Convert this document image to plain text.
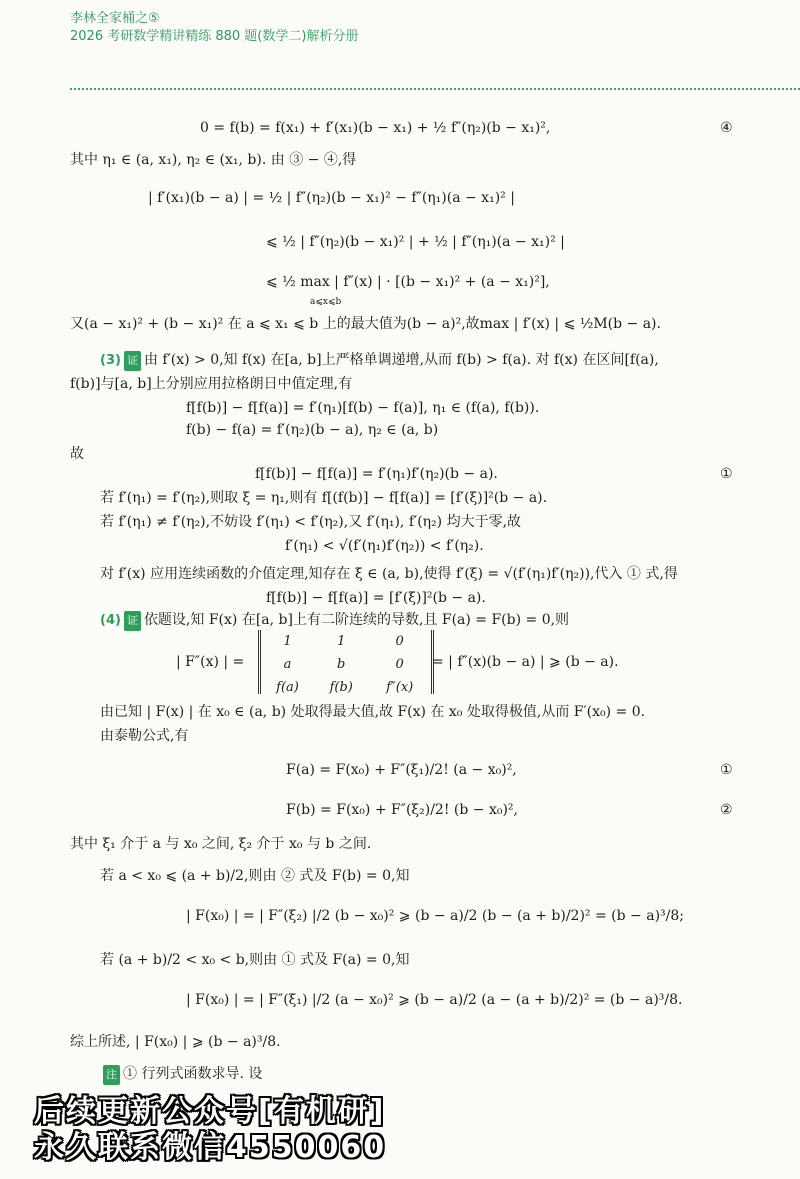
李林全家桶之⑤
2026 考研数学精讲精练 880 题(数学二)解析分册
0 = f(b) = f(x₁) + f′(x₁)(b − x₁) + ½ f″(η₂)(b − x₁)²,	④
其中 η₁ ∈ (a, x₁), η₂ ∈ (x₁, b). 由 ③ − ④,得
| f′(x₁)(b − a) | = ½ | f″(η₂)(b − x₁)² − f″(η₁)(a − x₁)² |
⩽ ½ | f″(η₂)(b − x₁)² | + ½ | f″(η₁)(a − x₁)² |
⩽ ½ max | f″(x) | · [(b − x₁)² + (a − x₁)²],
a⩽x⩽b
又(a − x₁)² + (b − x₁)² 在 a ⩽ x₁ ⩽ b 上的最大值为(b − a)²,故max | f′(x) | ⩽ ½M(b − a).
(3) 证 由 f′(x) > 0,知 f(x) 在[a, b]上严格单调递增,从而 f(b) > f(a). 对 f(x) 在区间[f(a),
f(b)]与[a, b]上分别应用拉格朗日中值定理,有
f[f(b)] − f[f(a)] = f′(η₁)[f(b) − f(a)], η₁ ∈ (f(a), f(b)).
f(b) − f(a) = f′(η₂)(b − a), η₂ ∈ (a, b)
故
f[f(b)] − f[f(a)] = f′(η₁)f′(η₂)(b − a).	①
若 f′(η₁) = f′(η₂),则取 ξ = η₁,则有 f[(f(b)] − f[f(a)] = [f′(ξ)]²(b − a).
若 f′(η₁) ≠ f′(η₂),不妨设 f′(η₁) < f′(η₂),又 f′(η₁), f′(η₂) 均大于零,故
f′(η₁) < √(f′(η₁)f′(η₂)) < f′(η₂).
对 f′(x) 应用连续函数的介值定理,知存在 ξ ∈ (a, b),使得 f′(ξ) = √(f′(η₁)f′(η₂)),代入 ① 式,得
f[f(b)] − f[f(a)] = [f′(ξ)]²(b − a).
(4) 证 依题设,知 F(x) 在[a, b]上有二阶连续的导数,且 F(a) = F(b) = 0,则
| F″(x) | =
1	1	0
a	b	0
f(a)	f(b)	f″(x)
= | f″(x)(b − a) | ⩾ (b − a).
由已知 | F(x) | 在 x₀ ∈ (a, b) 处取得最大值,故 F(x) 在 x₀ 处取得极值,从而 F′(x₀) = 0.
由泰勒公式,有
F(a) = F(x₀) + F″(ξ₁)/2! (a − x₀)²,	①
F(b) = F(x₀) + F″(ξ₂)/2! (b − x₀)²,	②
其中 ξ₁ 介于 a 与 x₀ 之间, ξ₂ 介于 x₀ 与 b 之间.
若 a < x₀ ⩽ (a + b)/2,则由 ② 式及 F(b) = 0,知
| F(x₀) | = | F″(ξ₂) |/2 (b − x₀)² ⩾ (b − a)/2 (b − (a + b)/2)² = (b − a)³/8;
若 (a + b)/2 < x₀ < b,则由 ① 式及 F(a) = 0,知
| F(x₀) | = | F″(ξ₁) |/2 (a − x₀)² ⩾ (b − a)/2 (a − (a + b)/2)² = (b − a)³/8.
综上所述, | F(x₀) | ⩾ (b − a)³/8.
注 ① 行列式函数求导. 设
后续更新公众号[有机研]
永久联系微信4550060
